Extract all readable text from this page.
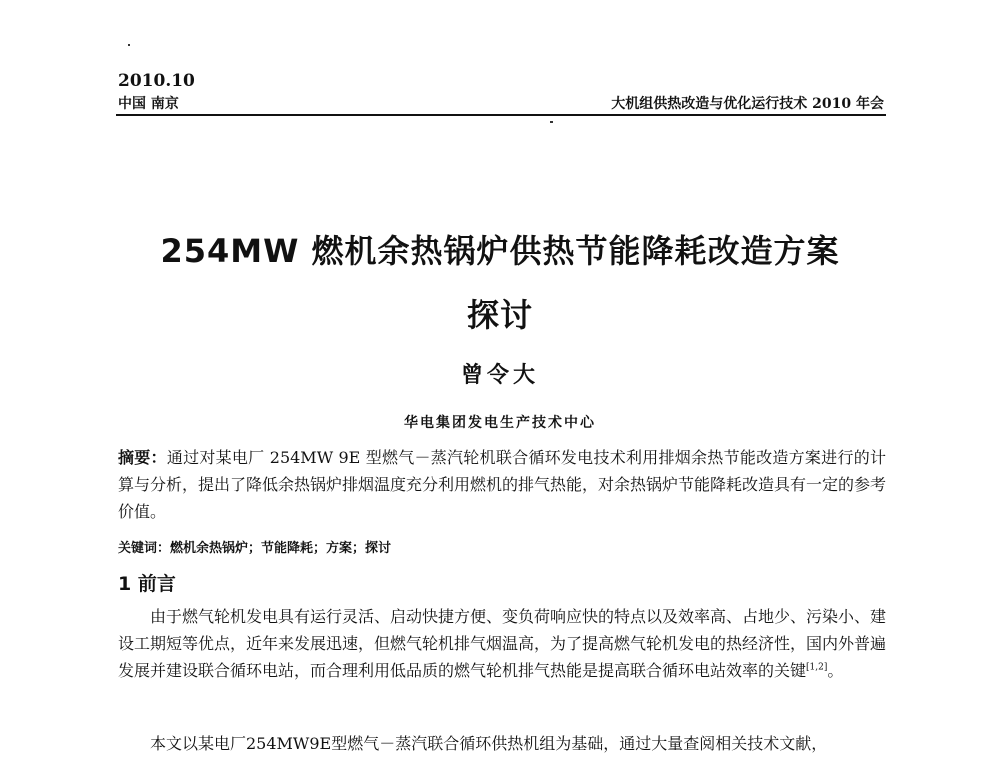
2010.10
中国 南京	大机组供热改造与优化运行技术 2010 年会
254MW 燃机余热锅炉供热节能降耗改造方案
探讨
曾令大
华电集团发电生产技术中心
摘要：通过对某电厂 254MW 9E 型燃气－蒸汽轮机联合循环发电技术利用排烟余热节能改造方案进行的计算与分析，提出了降低余热锅炉排烟温度充分利用燃机的排气热能，对余热锅炉节能降耗改造具有一定的参考价值。
关键词：燃机余热锅炉；节能降耗；方案；探讨
1 前言
由于燃气轮机发电具有运行灵活、启动快捷方便、变负荷响应快的特点以及效率高、占地少、污染小、建设工期短等优点，近年来发展迅速，但燃气轮机排气烟温高，为了提高燃气轮机发电的热经济性，国内外普遍发展并建设联合循环电站，而合理利用低品质的燃气轮机排气热能是提高联合循环电站效率的关键[1,2]。
本文以某电厂254MW9E型燃气－蒸汽联合循环供热机组为基础，通过大量查阅相关技术文献，
